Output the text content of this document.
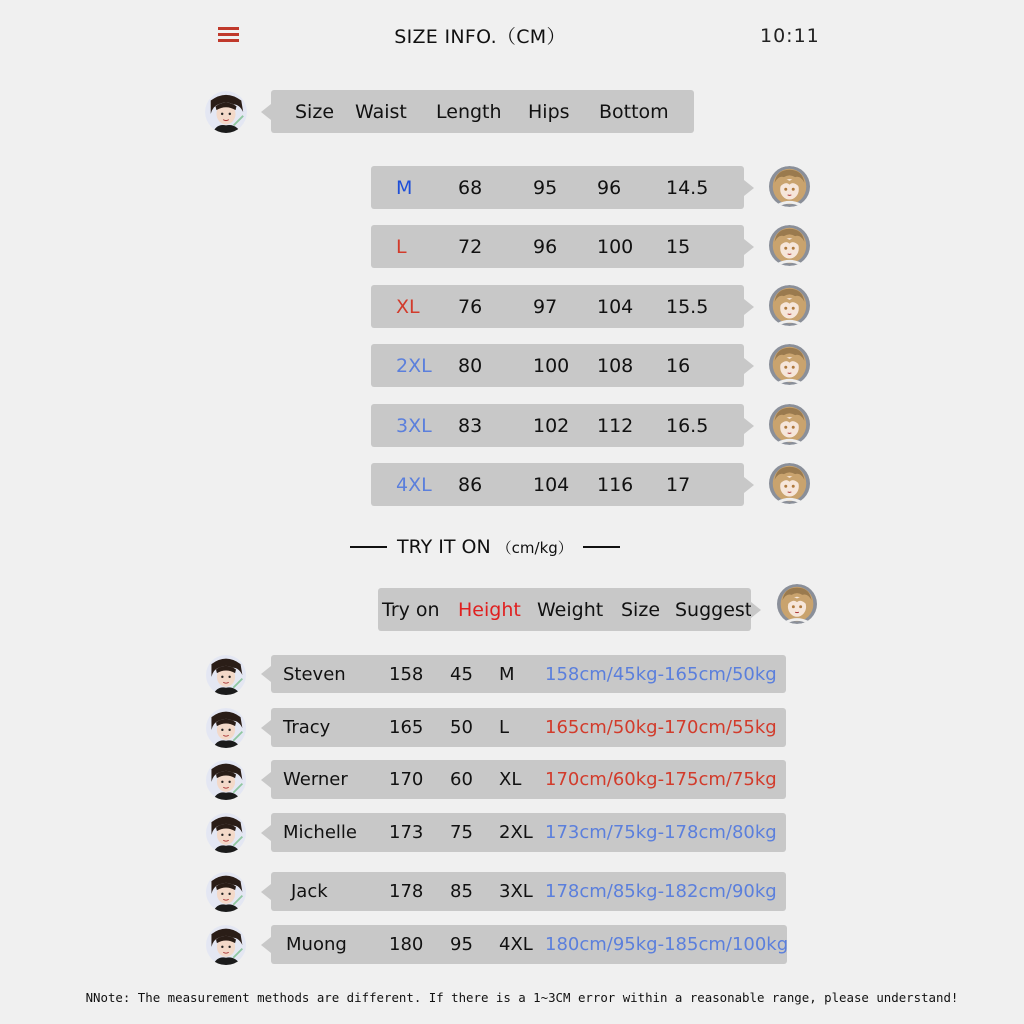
SIZE INFO.（CM）	10:11
Size Waist Length Hips Bottom
M 68	95 96 14.5
L	72	96 100 15
XL 76	97 104 15.5
2XL 80	100 108 16
3XL 83	102 112 16.5
4XL 86	104 116 17
TRY IT ON （cm/kg）
Try on Height Weight Size Suggest
Steven 158 45 M 158cm/45kg-165cm/50kg
Tracy	165 50 L 165cm/50kg-170cm/55kg
Werner 170 60 XL 170cm/60kg-175cm/75kg
Michelle 173 75 2XL 173cm/75kg-178cm/80kg
Jack	178 85 3XL 178cm/85kg-182cm/90kg
Muong 180 95 4XL 180cm/95kg-185cm/100kg
NNote: The measurement methods are different. If there is a 1~3CM error within a reasonable range, please understand!
